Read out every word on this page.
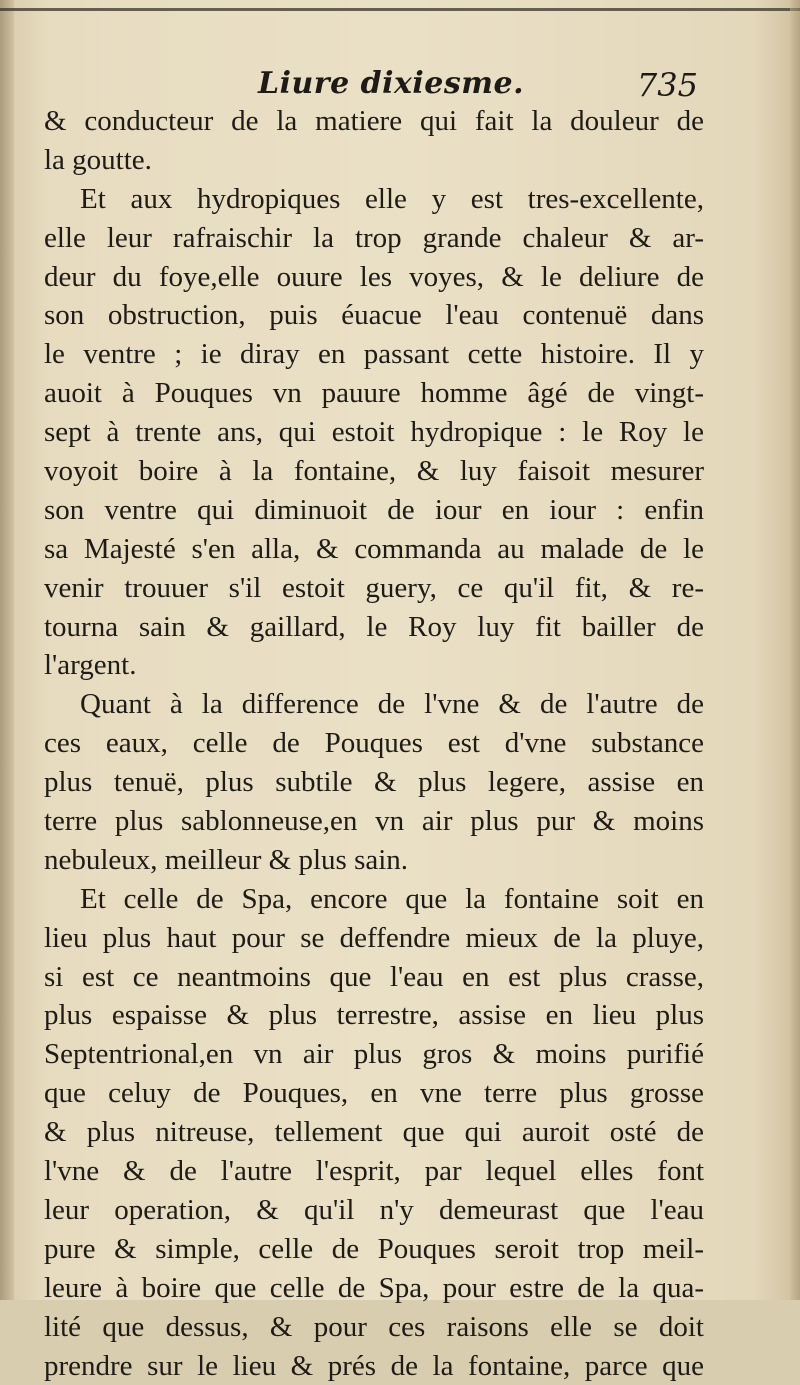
Liure dixiesme.	735
& conducteur de la matiere qui fait la douleur de
la goutte.
Et aux hydropiques elle y est tres-excellente,
elle leur rafraischir la trop grande chaleur & ar-
deur du foye,elle ouure les voyes, & le deliure de
son obstruction, puis éuacue l'eau contenuë dans
le ventre ; ie diray en passant cette histoire. Il y
auoit à Pouques vn pauure homme âgé de vingt-
sept à trente ans, qui estoit hydropique : le Roy le
voyoit boire à la fontaine, & luy faisoit mesurer
son ventre qui diminuoit de iour en iour : enfin
sa Majesté s'en alla, & commanda au malade de le
venir trouuer s'il estoit guery, ce qu'il fit, & re-
tourna sain & gaillard, le Roy luy fit bailler de
l'argent.
Quant à la difference de l'vne & de l'autre de
ces eaux, celle de Pouques est d'vne substance
plus tenuë, plus subtile & plus legere, assise en
terre plus sablonneuse,en vn air plus pur & moins
nebuleux, meilleur & plus sain.
Et celle de Spa, encore que la fontaine soit en
lieu plus haut pour se deffendre mieux de la pluye,
si est ce neantmoins que l'eau en est plus crasse,
plus espaisse & plus terrestre, assise en lieu plus
Septentrional,en vn air plus gros & moins purifié
que celuy de Pouques, en vne terre plus grosse
& plus nitreuse, tellement que qui auroit osté de
l'vne & de l'autre l'esprit, par lequel elles font
leur operation, & qu'il n'y demeurast que l'eau
pure & simple, celle de Pouques seroit trop meil-
leure à boire que celle de Spa, pour estre de la qua-
lité que dessus, & pour ces raisons elle se doit
prendre sur le lieu & prés de la fontaine, parce que
